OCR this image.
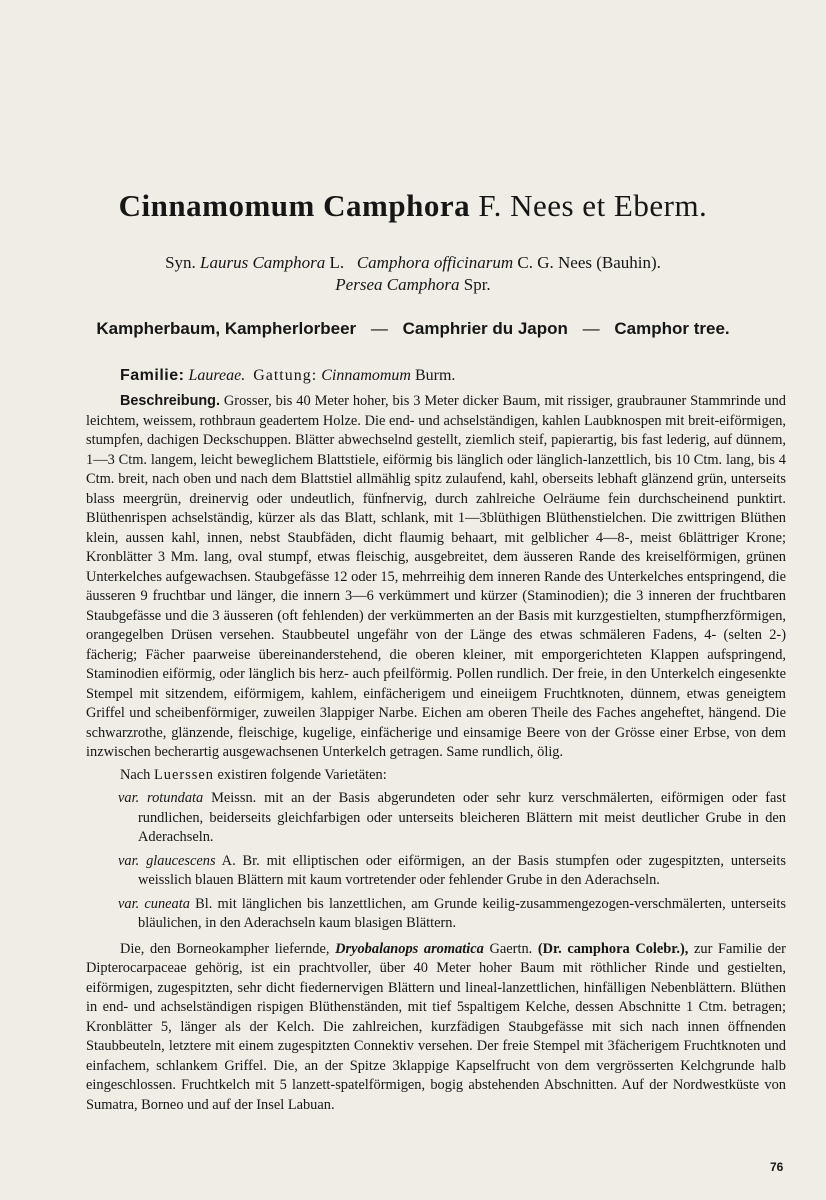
Cinnamomum Camphora F. Nees et Eberm.
Syn. Laurus Camphora L. Camphora officinarum C. G. Nees (Bauhin).
Persea Camphora Spr.
Kampherbaum, Kampherlorbeer — Camphrier du Japon — Camphor tree.
Familie: Laureae. Gattung: Cinnamomum Burm.

Beschreibung. Grosser, bis 40 Meter hoher, bis 3 Meter dicker Baum, mit rissiger, graubrauner Stammrinde und leichtem, weissem, rothbraun geadertem Holze. Die end- und achselständigen, kahlen Laubknospen mit breit-eiförmigen, stumpfen, dachigen Deckschuppen. Blätter abwechselnd gestellt, ziemlich steif, papierartig, bis fast lederig, auf dünnem, 1—3 Ctm. langem, leicht beweglichem Blattstiele, eiförmig bis länglich oder länglich-lanzettlich, bis 10 Ctm. lang, bis 4 Ctm. breit, nach oben und nach dem Blattstiel allmählig spitz zulaufend, kahl, oberseits lebhaft glänzend grün, unterseits blass meergrün, dreinervig oder undeutlich, fünfnervig, durch zahlreiche Oelräume fein durchscheinend punktirt. Blüthenrispen achselständig, kürzer als das Blatt, schlank, mit 1—3blüthigen Blüthenstielchen. Die zwittrigen Blüthen klein, aussen kahl, innen, nebst Staubfäden, dicht flaumig behaart, mit gelblicher 4—8-, meist 6blättriger Krone; Kronblätter 3 Mm. lang, oval stumpf, etwas fleischig, ausgebreitet, dem äusseren Rande des kreiselförmigen, grünen Unterkelches aufgewachsen. Staubgefässe 12 oder 15, mehrreihig dem inneren Rande des Unterkelches entspringend, die äusseren 9 fruchtbar und länger, die innern 3—6 verkümmert und kürzer (Staminodien); die 3 inneren der fruchtbaren Staubgefässe und die 3 äusseren (oft fehlenden) der verkümmerten an der Basis mit kurzgestielten, stumpfherzförmigen, orangegelben Drüsen versehen. Staubbeutel ungefähr von der Länge des etwas schmäleren Fadens, 4- (selten 2-) fächerig; Fächer paarweise übereinanderstehend, die oberen kleiner, mit emporgerichteten Klappen aufspringend, Staminodien eiförmig, oder länglich bis herz- auch pfeilförmig. Pollen rundlich. Der freie, in den Unterkelch eingesenkte Stempel mit sitzendem, eiförmigem, kahlem, einfächerigem und eineiigem Fruchtknoten, dünnem, etwas geneigtem Griffel und scheibenförmiger, zuweilen 3lappiger Narbe. Eichen am oberen Theile des Faches angeheftet, hängend. Die schwarzrothe, glänzende, fleischige, kugelige, einfächerige und einsamige Beere von der Grösse einer Erbse, von dem inzwischen becherartig ausgewachsenen Unterkelch getragen. Same rundlich, ölig.

Nach Luerssen existiren folgende Varietäten:

var. rotundata Meissn. mit an der Basis abgerundeten oder sehr kurz verschmälerten, eiförmigen oder fast rundlichen, beiderseits gleichfarbigen oder unterseits bleicheren Blättern mit meist deutlicher Grube in den Aderachseln.

var. glaucescens A. Br. mit elliptischen oder eiförmigen, an der Basis stumpfen oder zugespitzten, unterseits weisslich blauen Blättern mit kaum vortretender oder fehlender Grube in den Aderachseln.

var. cuneata Bl. mit länglichen bis lanzettlichen, am Grunde keilig-zusammengezogen-verschmälerten, unterseits bläulichen, in den Aderachseln kaum blasigen Blättern.

Die, den Borneokampher liefernde, Dryobalanops aromatica Gaertn. (Dr. camphora Colebr.), zur Familie der Dipterocarpaceae gehörig, ist ein prachtvoller, über 40 Meter hoher Baum mit röthlicher Rinde und gestielten, eiförmigen, zugespitzten, sehr dicht fiedernervigen Blättern und lineal-lanzettlichen, hinfälligen Nebenblättern. Blüthen in end- und achselständigen rispigen Blüthenständen, mit tief 5spaltigem Kelche, dessen Abschnitte 1 Ctm. betragen; Kronblätter 5, länger als der Kelch. Die zahlreichen, kurzfädigen Staubgefässe mit sich nach innen öffnenden Staubbeuteln, letztere mit einem zugespitzten Connektiv versehen. Der freie Stempel mit 3fächerigem Fruchtknoten und einfachem, schlankem Griffel. Die, an der Spitze 3klappige Kapselfrucht von dem vergrösserten Kelchgrunde halb eingeschlossen. Fruchtkelch mit 5 lanzett-spatelförmigen, bogig abstehenden Abschnitten. Auf der Nordwestküste von Sumatra, Borneo und auf der Insel Labuan.

76
